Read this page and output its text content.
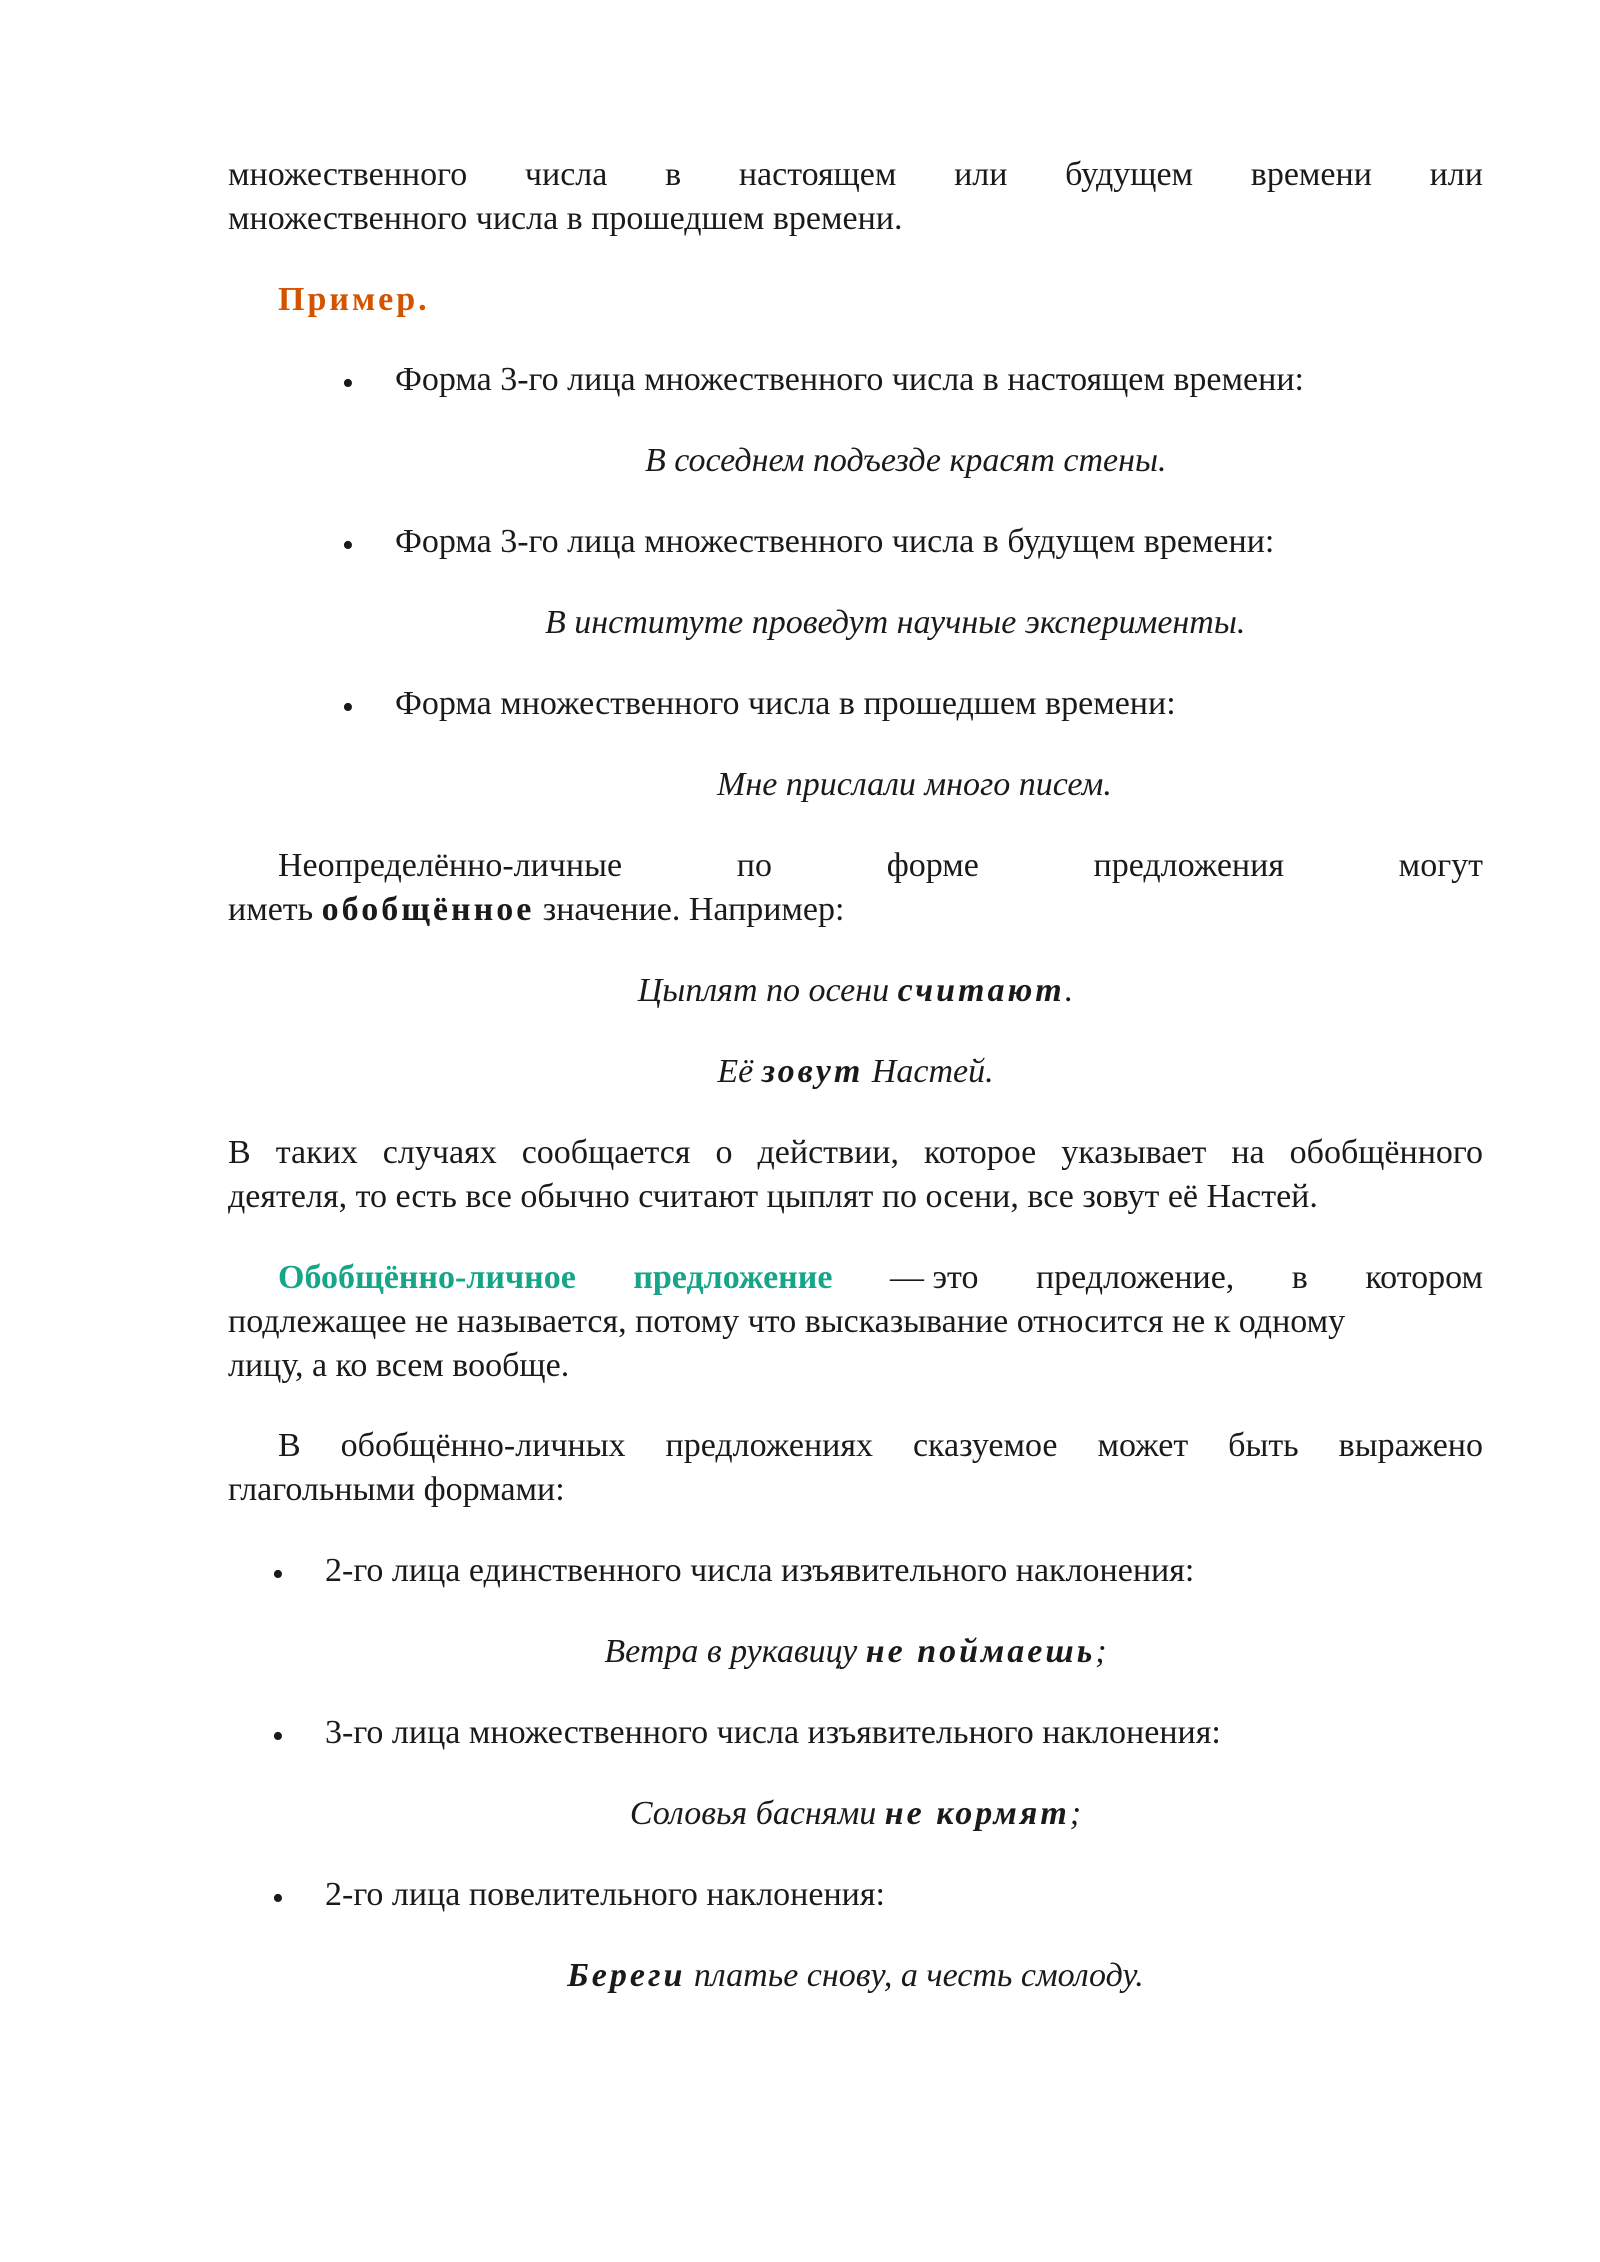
множественного числа в настоящем или будущем времени или
множественного числа в прошедшем времени.
Пример.
• Форма 3-го лица множественного числа в настоящем времени:
В соседнем подъезде красят стены.
• Форма 3-го лица множественного числа в будущем времени:
В институте проведут научные эксперименты.
• Форма множественного числа в прошедшем времени:
Мне прислали много писем.
Неопределённо-личные	по	форме	предложения	могут
иметь обобщённое значение. Например:
Цыплят по осени считают.
Её зовут Настей.
В таких случаях сообщается о действии, которое указывает на обобщённого
деятеля, то есть все обычно считают цыплят по осени, все зовут её Настей.
Обобщённо-личное предложение — это предложение, в котором
подлежащее не называется, потому что высказывание относится не к одному
лицу, а ко всем вообще.
В обобщённо-личных предложениях сказуемое может быть выражено
глагольными формами:
• 2-го лица единственного числа изъявительного наклонения:
Ветра в рукавицу не поймаешь;
• 3-го лица множественного числа изъявительного наклонения:
Соловья баснями не кормят;
• 2-го лица повелительного наклонения:
Береги платье снову, а честь смолоду.
